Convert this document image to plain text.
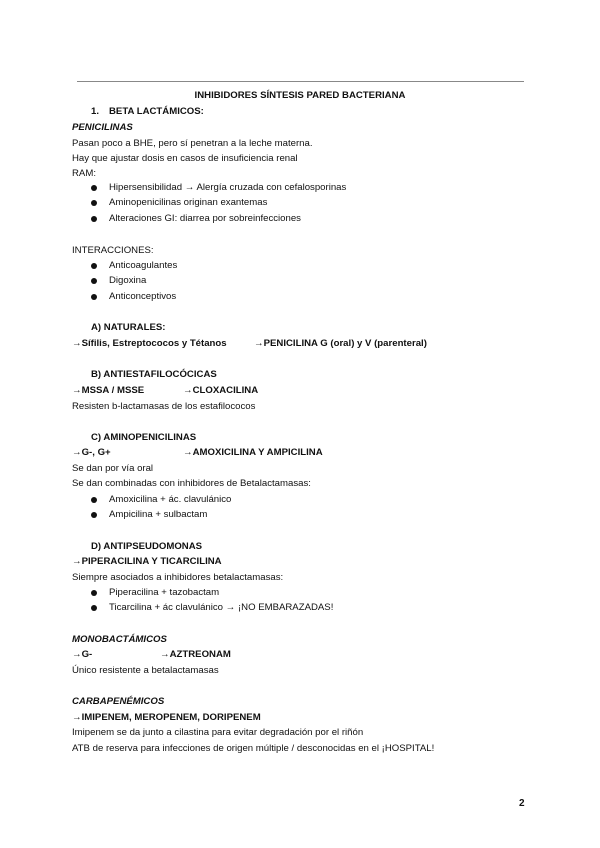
INHIBIDORES SÍNTESIS PARED BACTERIANA
1. BETA LACTÁMICOS:
PENICILINAS
Pasan poco a BHE, pero sí penetran a la leche materna.
Hay que ajustar dosis en casos de insuficiencia renal
RAM:
Hipersensibilidad → Alergía cruzada con cefalosporinas
Aminopenicilinas originan exantemas
Alteraciones GI: diarrea por sobreinfecciones
INTERACCIONES:
Anticoagulantes
Digoxina
Anticonceptivos
A) NATURALES:
→Sífilis, Estreptococos y Tétanos	→PENICILINA G (oral) y V (parenteral)
B) ANTIESTAFILOCÓCICAS
→MSSA / MSSE	→CLOXACILINA
Resisten b-lactamasas de los estafilococos
C) AMINOPENICILINAS
→G-, G+	→AMOXICILINA Y AMPICILINA
Se dan por vía oral
Se dan combinadas con inhibidores de Betalactamasas:
Amoxicilina + ác. clavulánico
Ampicilina + sulbactam
D) ANTIPSEUDOMONAS
→PIPERACILINA Y TICARCILINA
Siempre asociados a inhibidores betalactamasas:
Piperacilina + tazobactam
Ticarcilina + ác clavulánico → ¡NO EMBARAZADAS!
MONOBACTÁMICOS
→G-	→AZTREONAM
Único resistente a betalactamasas
CARBAPENÉMICOS
→IMIPENEM, MEROPENEM, DORIPENEM
Imipenem se da junto a cilastina para evitar degradación por el riñón
ATB de reserva para infecciones de origen múltiple / desconocidas en el ¡HOSPITAL!
2
